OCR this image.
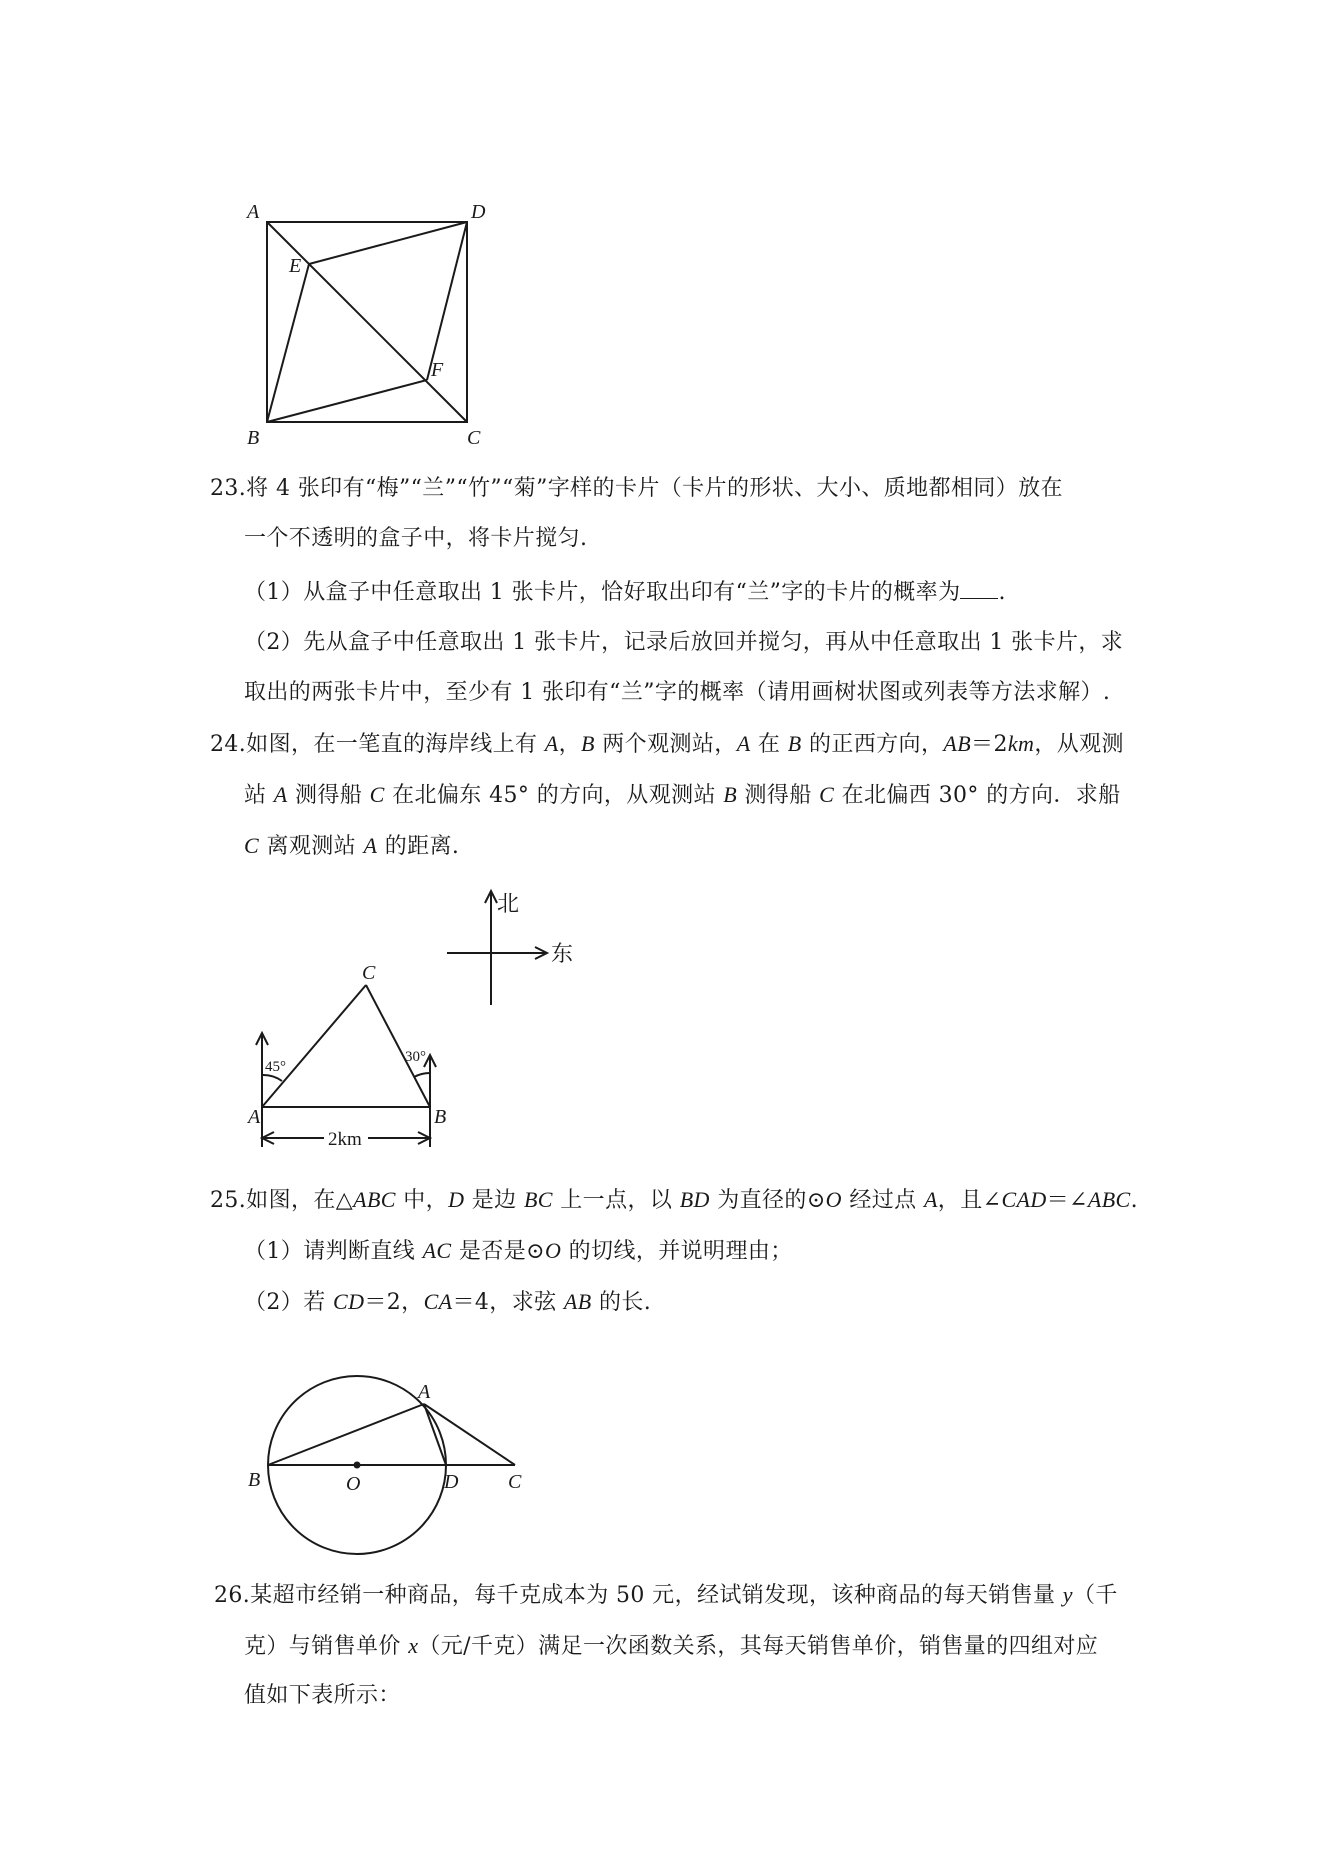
A	D
E
F
B	C
23.将 4 张印有“梅”“兰”“竹”“菊”字样的卡片（卡片的形状、大小、质地都相同）放在
一个不透明的盒子中，将卡片搅匀.
（1）从盒子中任意取出 1 张卡片，恰好取出印有“兰”字的卡片的概率为 .
（2）先从盒子中任意取出 1 张卡片，记录后放回并搅匀，再从中任意取出 1 张卡片，求
取出的两张卡片中，至少有 1 张印有“兰”字的概率（请用画树状图或列表等方法求解）.
24.如图，在一笔直的海岸线上有 A，B 两个观测站，A 在 B 的正西方向，AB＝2km，从观测
站 A 测得船 C 在北偏东 45° 的方向，从观测站 B 测得船 C 在北偏西 30° 的方向．求船
C 离观测站 A 的距离.
北
东
C
A	B
45°
30°
2km
25.如图，在△ABC 中，D 是边 BC 上一点，以 BD 为直径的⊙O 经过点 A，且∠CAD＝∠ABC.
（1）请判断直线 AC 是否是⊙O 的切线，并说明理由；
（2）若 CD＝2，CA＝4，求弦 AB 的长.
A
B	O	D C
26.某超市经销一种商品，每千克成本为 50 元，经试销发现，该种商品的每天销售量 y（千
克）与销售单价 x（元/千克）满足一次函数关系，其每天销售单价，销售量的四组对应
值如下表所示：
